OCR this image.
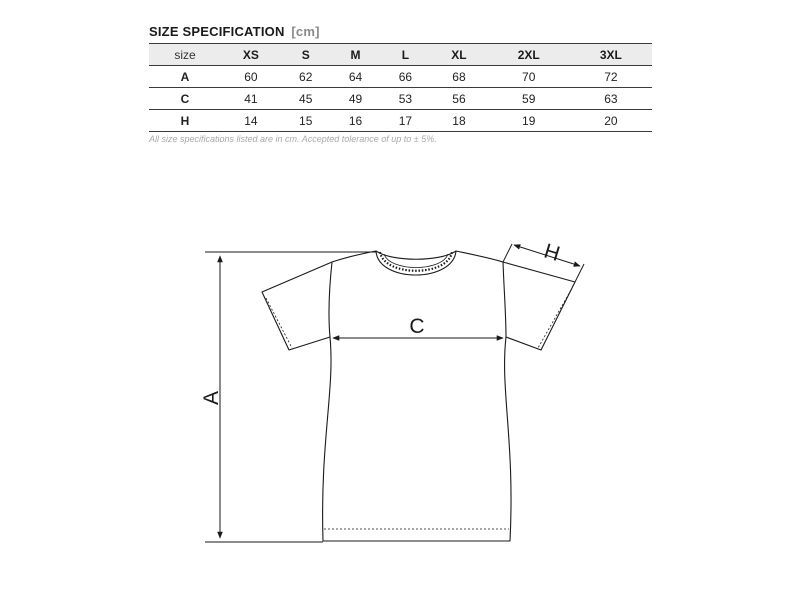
SIZE SPECIFICATION [cm]
size	XS	S	M	L	XL	2XL	3XL
A	60	62	64	66	68	70	72
C	41	45	49	53	56	59	63
H	14	15	16	17	18	19	20
All size specifications listed are in cm. Accepted tolerance of up to ± 5%.
A
C
H
